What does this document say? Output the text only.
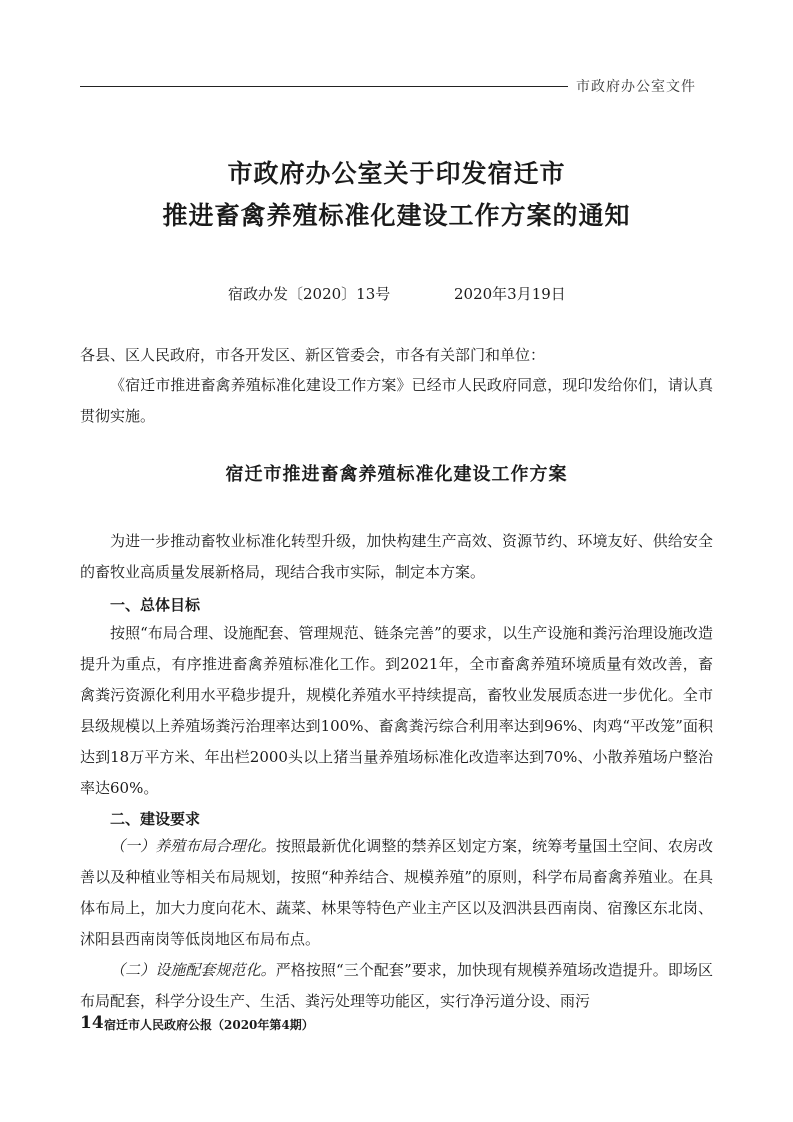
市政府办公室文件
市政府办公室关于印发宿迁市
推进畜禽养殖标准化建设工作方案的通知
宿政办发〔2020〕13号	2020年3月19日

各县、区人民政府，市各开发区、新区管委会，市各有关部门和单位：

《宿迁市推进畜禽养殖标准化建设工作方案》已经市人民政府同意，现印发给你们，请认真贯彻实施。

宿迁市推进畜禽养殖标准化建设工作方案

为进一步推动畜牧业标准化转型升级，加快构建生产高效、资源节约、环境友好、供给安全的畜牧业高质量发展新格局，现结合我市实际，制定本方案。

一、总体目标

按照“布局合理、设施配套、管理规范、链条完善”的要求，以生产设施和粪污治理设施改造提升为重点，有序推进畜禽养殖标准化工作。到2021年，全市畜禽养殖环境质量有效改善，畜禽粪污资源化利用水平稳步提升，规模化养殖水平持续提高，畜牧业发展质态进一步优化。全市县级规模以上养殖场粪污治理率达到100%、畜禽粪污综合利用率达到96%、肉鸡“平改笼”面积达到18万平方米、年出栏2000头以上猪当量养殖场标准化改造率达到70%、小散养殖场户整治率达60%。

二、建设要求

（一）养殖布局合理化。按照最新优化调整的禁养区划定方案，统筹考量国土空间、农房改善以及种植业等相关布局规划，按照“种养结合、规模养殖”的原则，科学布局畜禽养殖业。在具体布局上，加大力度向花木、蔬菜、林果等特色产业主产区以及泗洪县西南岗、宿豫区东北岗、沭阳县西南岗等低岗地区布局布点。

（二）设施配套规范化。严格按照“三个配套”要求，加快现有规模养殖场改造提升。即场区布局配套，科学分设生产、生活、粪污处理等功能区，实行净污道分设、雨污

14 宿迁市人民政府公报（2020年第4期）
